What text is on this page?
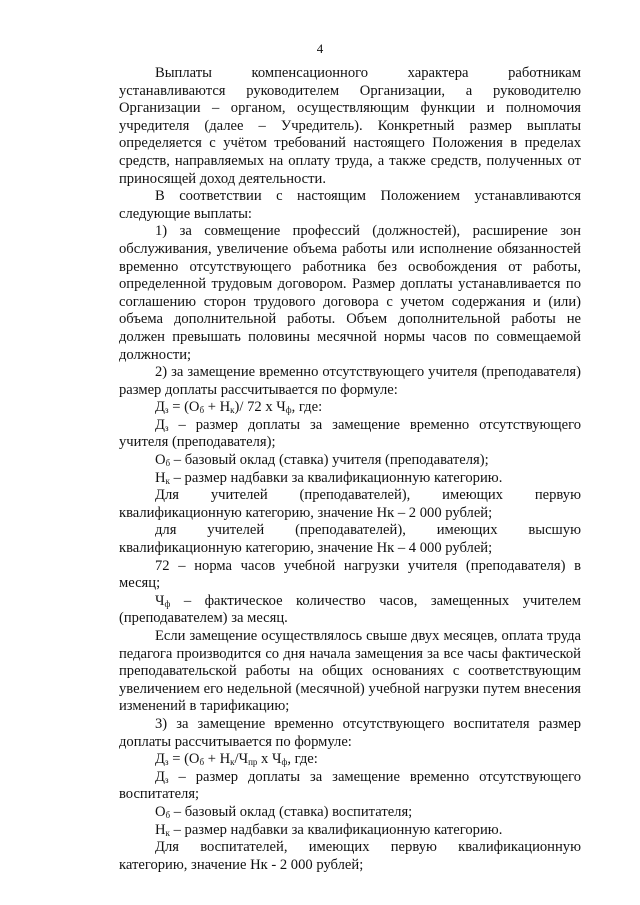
4

Выплаты компенсационного характера работникам устанавливаются руководителем Организации, а руководителю Организации – органом, осуществляющим функции и полномочия учредителя (далее – Учредитель). Конкретный размер выплаты определяется с учётом требований настоящего Положения в пределах средств, направляемых на оплату труда, а также средств, полученных от приносящей доход деятельности.

В соответствии с настоящим Положением устанавливаются следующие выплаты:

1) за совмещение профессий (должностей), расширение зон обслуживания, увеличение объема работы или исполнение обязанностей временно отсутствующего работника без освобождения от работы, определенной трудовым договором. Размер доплаты устанавливается по соглашению сторон трудового договора с учетом содержания и (или) объема дополнительной работы. Объем дополнительной работы не должен превышать половины месячной нормы часов по совмещаемой должности;

2) за замещение временно отсутствующего учителя (преподавателя) размер доплаты рассчитывается по формуле:

$Д_з = (О_б + Н_к)/$ 72 х $Ч_ф$, где:

$Д_з$ – размер доплаты за замещение временно отсутствующего учителя (преподавателя);

$О_б$ – базовый оклад (ставка) учителя (преподавателя);

$Н_к$ – размер надбавки за квалификационную категорию.

Для учителей (преподавателей), имеющих первую квалификационную категорию, значение Нк – 2 000 рублей;

для учителей (преподавателей), имеющих высшую квалификационную категорию, значение Нк – 4 000 рублей;

72 – норма часов учебной нагрузки учителя (преподавателя) в месяц;

$Ч_ф$ – фактическое количество часов, замещенных учителем (преподавателем) за месяц.

Если замещение осуществлялось свыше двух месяцев, оплата труда педагога производится со дня начала замещения за все часы фактической преподавательской работы на общих основаниях с соответствующим увеличением его недельной (месячной) учебной нагрузки путем внесения изменений в тарификацию;

3) за замещение временно отсутствующего воспитателя размер доплаты рассчитывается по формуле:

$Д_з = (О_б + Н_к/Ч_{пр}$ х $Ч_ф$, где:

$Д_з$ – размер доплаты за замещение временно отсутствующего воспитателя;

$О_б$ – базовый оклад (ставка) воспитателя;

$Н_к$ – размер надбавки за квалификационную категорию.

Для воспитателей, имеющих первую квалификационную категорию, значение Нк - 2 000 рублей;
